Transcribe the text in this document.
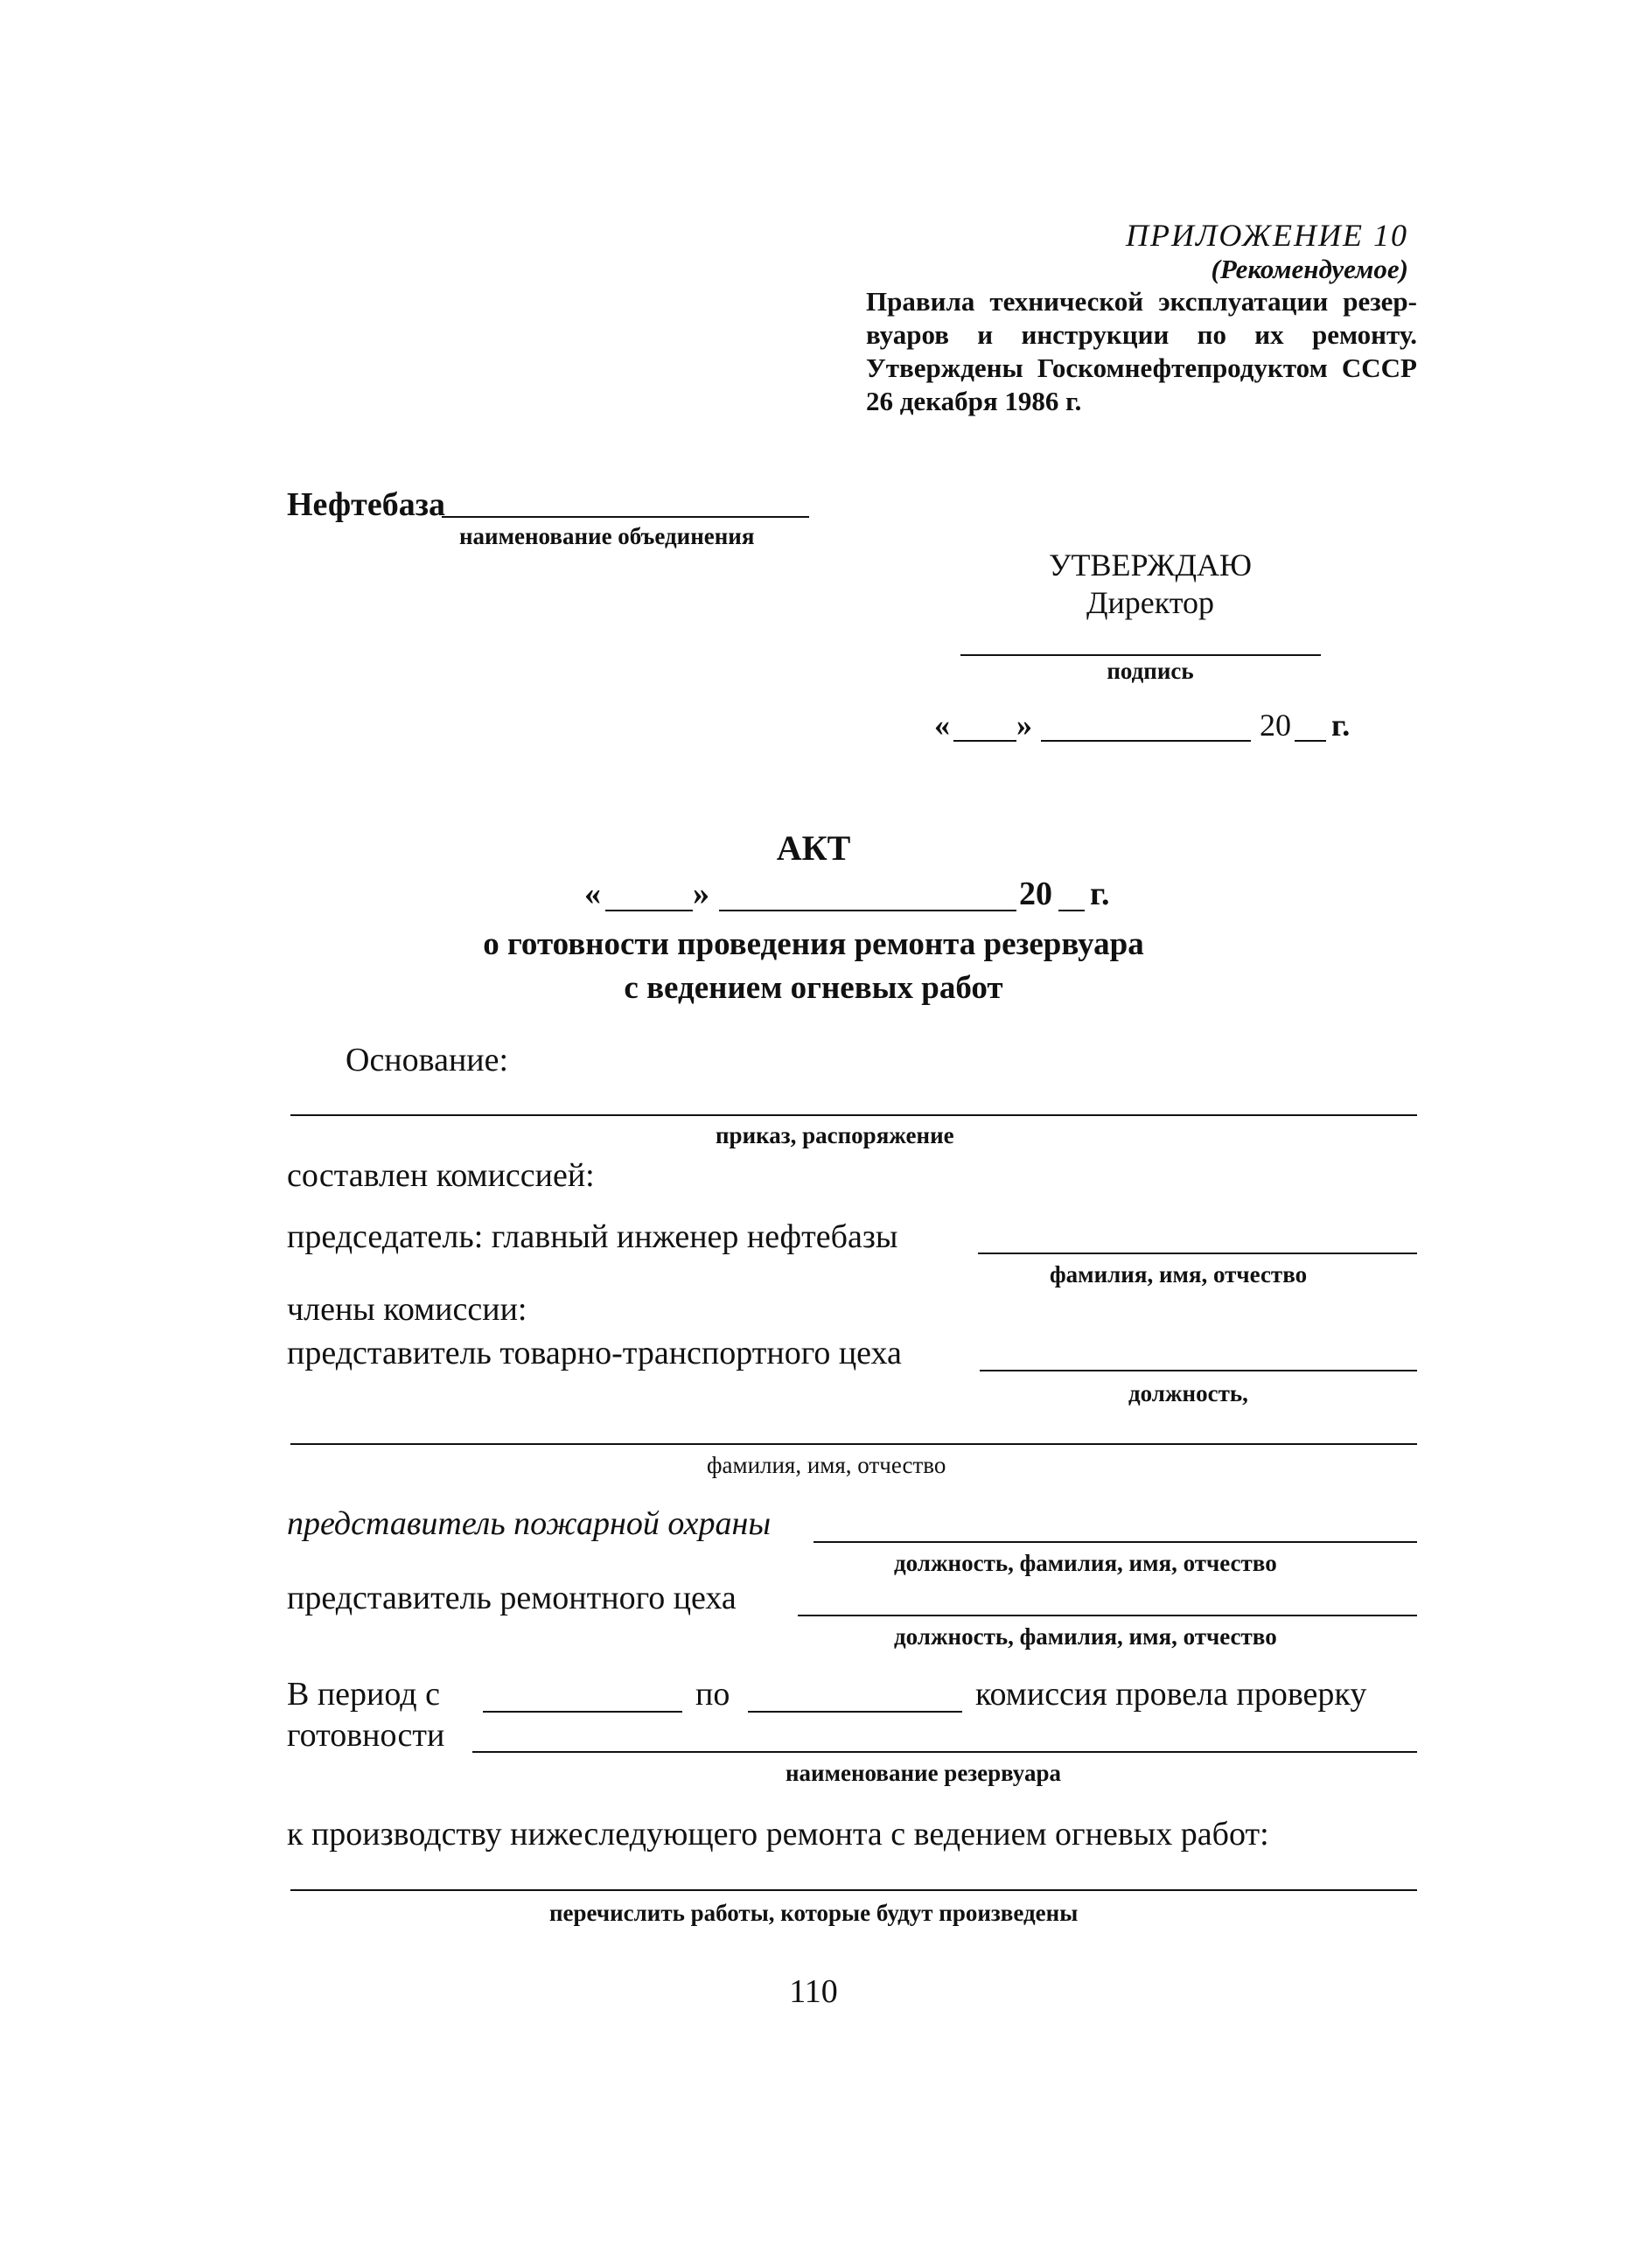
ПРИЛОЖЕНИЕ 10
(Рекомендуемое)
Правила технической эксплуатации резер-
вуаров и инструкции по их ремонту.
Утверждены Госкомнефтепродуктом СССР
26 декабря 1986 г.
Нефтебаза
наименование объединения
УТВЕРЖДАЮ
Директор
подпись
« »	20 г.
АКТ
«	»	20 г.
о готовности проведения ремонта резервуара
с ведением огневых работ
Основание:
приказ, распоряжение
составлен комиссией:
председатель: главный инженер нефтебазы
фамилия, имя, отчество
члены комиссии:
представитель товарно-транспортного цеха
должность,
фамилия, имя, отчество
представитель пожарной охраны
должность, фамилия, имя, отчество
представитель ремонтного цеха
должность, фамилия, имя, отчество
В период с	по	комиссия провела проверку
готовности
наименование резервуара
к производству нижеследующего ремонта с ведением огневых работ:
перечислить работы, которые будут произведены
110
